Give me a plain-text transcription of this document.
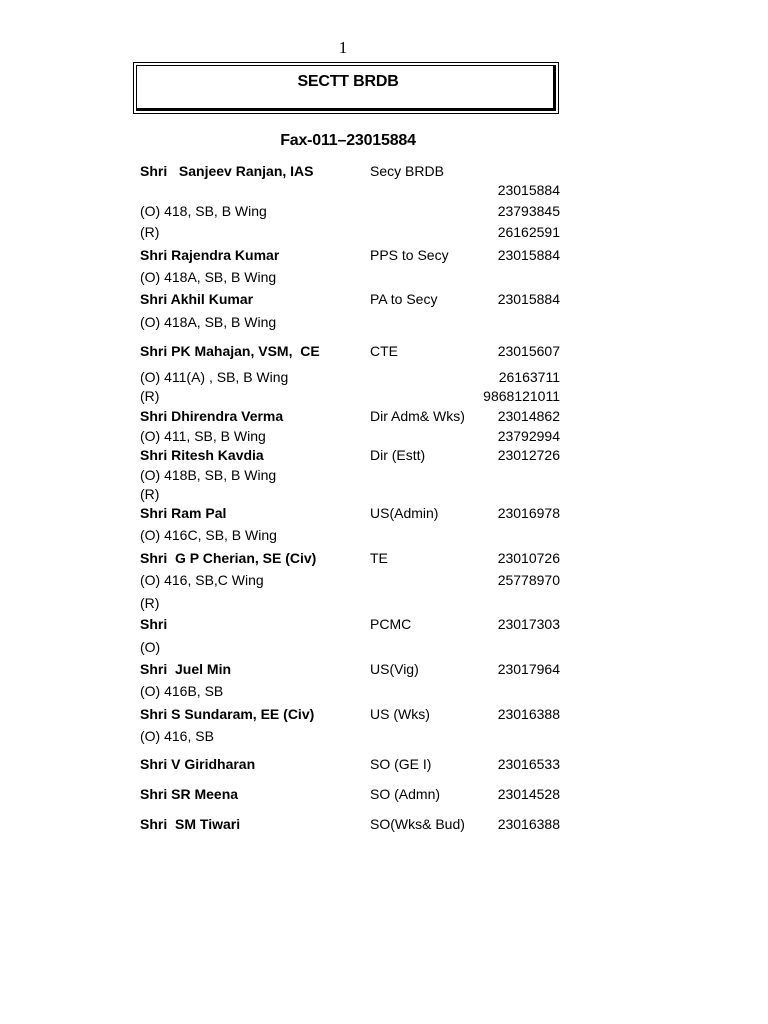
1
SECTT BRDB
Fax-011–23015884
Shri   Sanjeev Ranjan, IAS	Secy BRDB
23015884
(O) 418, SB, B Wing	23793845
(R)	26162591
Shri Rajendra Kumar	PPS to Secy	23015884
(O) 418A, SB, B Wing
Shri Akhil Kumar	PA to Secy	23015884
(O) 418A, SB, B Wing
Shri PK Mahajan, VSM,  CE	CTE	23015607
(O) 411(A) , SB, B Wing	26163711
(R)	9868121011
Shri Dhirendra Verma	Dir Adm& Wks) 23014862
(O) 411, SB, B Wing	23792994
Shri Ritesh Kavdia	Dir (Estt)	23012726
(O) 418B, SB, B Wing
(R)
Shri Ram Pal	US(Admin)	23016978
(O) 416C, SB, B Wing
Shri  G P Cherian, SE (Civ)	TE	23010726
(O) 416, SB,C Wing	25778970
(R)
Shri	PCMC	23017303
(O)
Shri  Juel Min	US(Vig)	23017964
(O) 416B, SB
Shri S Sundaram, EE (Civ)	US (Wks)	23016388
(O) 416, SB
Shri V Giridharan	SO (GE I)	23016533
Shri SR Meena	SO (Admn)	23014528
Shri  SM Tiwari	SO(Wks& Bud) 23016388
